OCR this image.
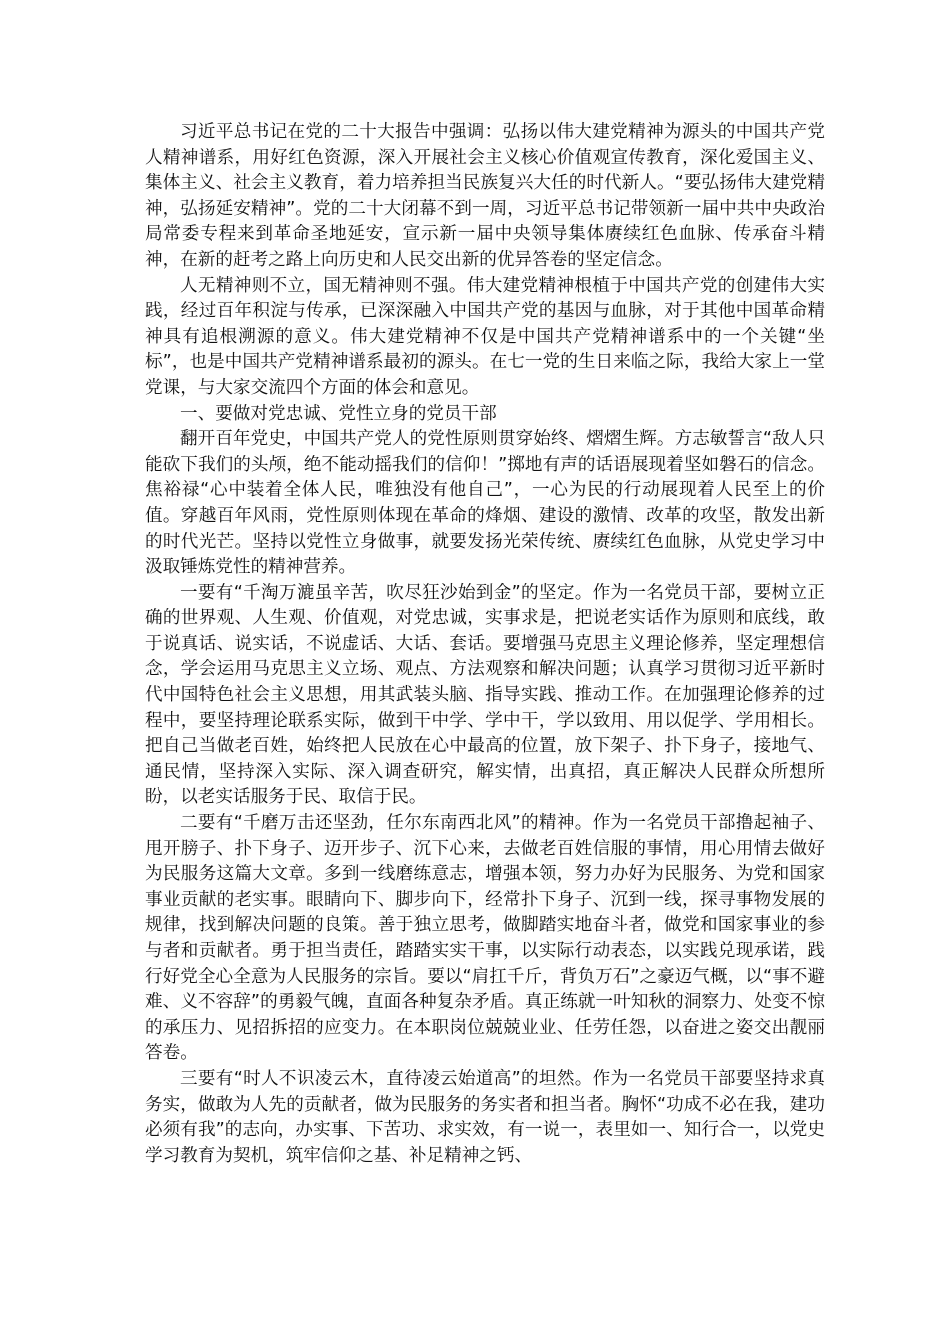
习近平总书记在党的二十大报告中强调：弘扬以伟大建党精神为源头的中国共产党人精神谱系，用好红色资源，深入开展社会主义核心价值观宣传教育，深化爱国主义、集体主义、社会主义教育，着力培养担当民族复兴大任的时代新人。“要弘扬伟大建党精神，弘扬延安精神”。党的二十大闭幕不到一周，习近平总书记带领新一届中共中央政治局常委专程来到革命圣地延安，宣示新一届中央领导集体赓续红色血脉、传承奋斗精神，在新的赶考之路上向历史和人民交出新的优异答卷的坚定信念。

人无精神则不立，国无精神则不强。伟大建党精神根植于中国共产党的创建伟大实践，经过百年积淀与传承，已深深融入中国共产党的基因与血脉，对于其他中国革命精神具有追根溯源的意义。伟大建党精神不仅是中国共产党精神谱系中的一个关键“坐标”，也是中国共产党精神谱系最初的源头。在七一党的生日来临之际，我给大家上一堂党课，与大家交流四个方面的体会和意见。

一、要做对党忠诚、党性立身的党员干部

翻开百年党史，中国共产党人的党性原则贯穿始终、熠熠生辉。方志敏誓言“敌人只能砍下我们的头颅，绝不能动摇我们的信仰！”掷地有声的话语展现着坚如磐石的信念。焦裕禄“心中装着全体人民，唯独没有他自己”，一心为民的行动展现着人民至上的价值。穿越百年风雨，党性原则体现在革命的烽烟、建设的激情、改革的攻坚，散发出新的时代光芒。坚持以党性立身做事，就要发扬光荣传统、赓续红色血脉，从党史学习中汲取锤炼党性的精神营养。

一要有“千淘万漉虽辛苦，吹尽狂沙始到金”的坚定。作为一名党员干部，要树立正确的世界观、人生观、价值观，对党忠诚，实事求是，把说老实话作为原则和底线，敢于说真话、说实话，不说虚话、大话、套话。要增强马克思主义理论修养，坚定理想信念，学会运用马克思主义立场、观点、方法观察和解决问题；认真学习贯彻习近平新时代中国特色社会主义思想，用其武装头脑、指导实践、推动工作。在加强理论修养的过程中，要坚持理论联系实际，做到干中学、学中干，学以致用、用以促学、学用相长。把自己当做老百姓，始终把人民放在心中最高的位置，放下架子、扑下身子，接地气、通民情，坚持深入实际、深入调查研究，解实情，出真招，真正解决人民群众所想所盼，以老实话服务于民、取信于民。

二要有“千磨万击还坚劲，任尔东南西北风”的精神。作为一名党员干部撸起袖子、甩开膀子、扑下身子、迈开步子、沉下心来，去做老百姓信服的事情，用心用情去做好为民服务这篇大文章。多到一线磨练意志，增强本领，努力办好为民服务、为党和国家事业贡献的老实事。眼睛向下、脚步向下，经常扑下身子、沉到一线，探寻事物发展的规律，找到解决问题的良策。善于独立思考，做脚踏实地奋斗者，做党和国家事业的参与者和贡献者。勇于担当责任，踏踏实实干事，以实际行动表态，以实践兑现承诺，践行好党全心全意为人民服务的宗旨。要以“肩扛千斤，背负万石”之豪迈气概，以“事不避难、义不容辞”的勇毅气魄，直面各种复杂矛盾。真正练就一叶知秋的洞察力、处变不惊的承压力、见招拆招的应变力。在本职岗位兢兢业业、任劳任怨，以奋进之姿交出靓丽答卷。

三要有“时人不识凌云木，直待凌云始道高”的坦然。作为一名党员干部要坚持求真务实，做敢为人先的贡献者，做为民服务的务实者和担当者。胸怀“功成不必在我，建功必须有我”的志向，办实事、下苦功、求实效，有一说一，表里如一、知行合一，以党史学习教育为契机，筑牢信仰之基、补足精神之钙、
